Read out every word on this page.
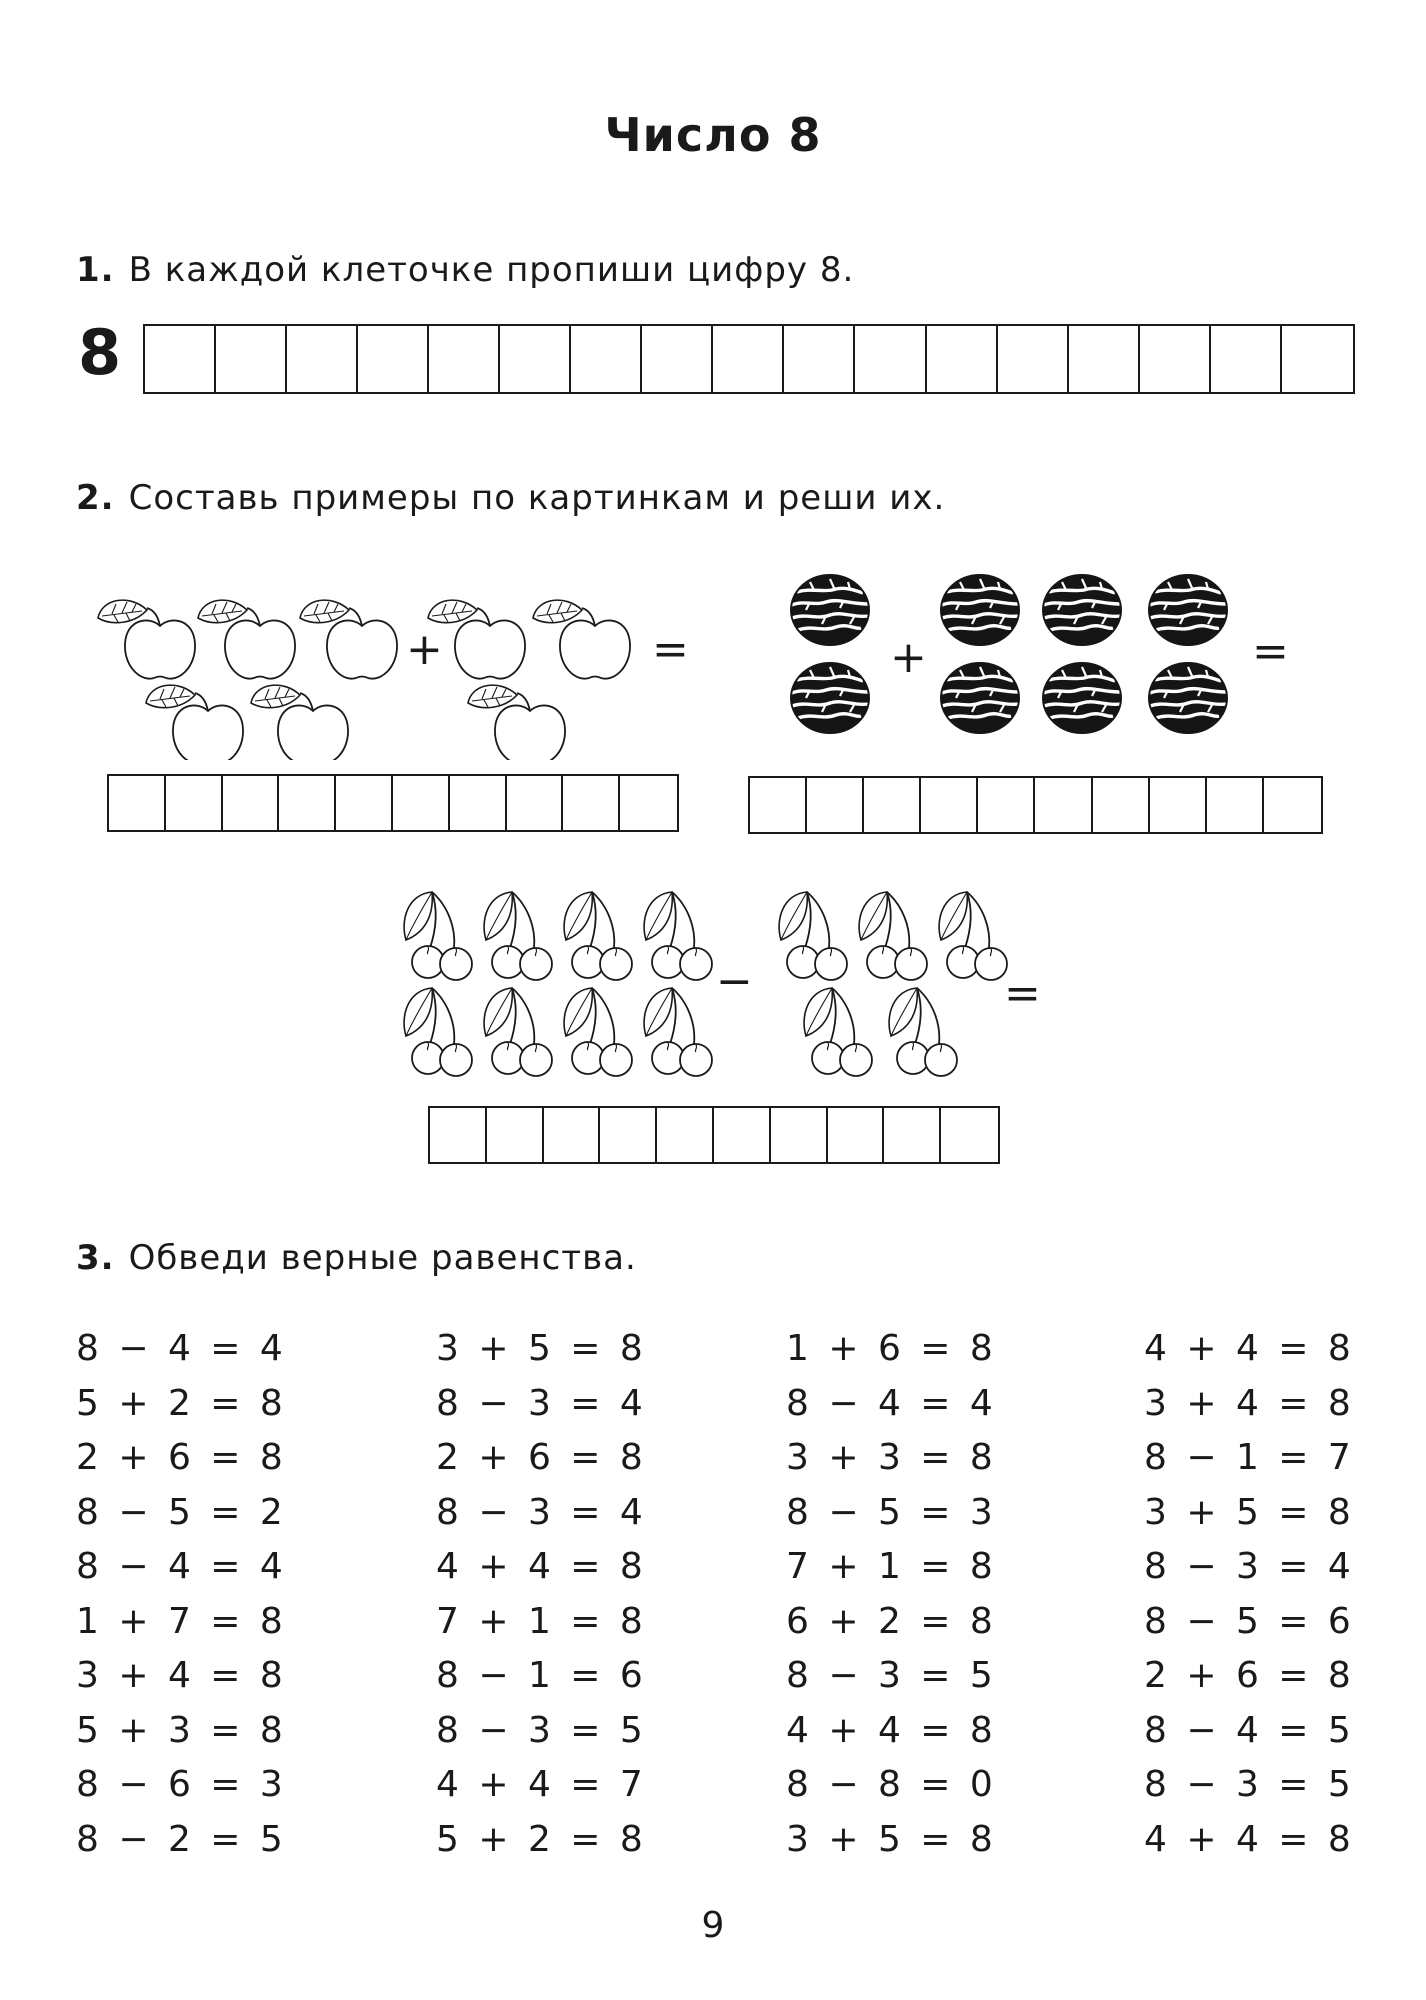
Число 8
1. В каждой клеточке пропиши цифру 8.
8
2. Составь примеры по картинкам и реши их.
+	=	+	=
−	=
3. Обведи верные равенства.
8 − 4 = 4
5 + 2 = 8
2 + 6 = 8
8 − 5 = 2
8 − 4 = 4
1 + 7 = 8
3 + 4 = 8
5 + 3 = 8
8 − 6 = 3
8 − 2 = 5
3 + 5 = 8
8 − 3 = 4
2 + 6 = 8
8 − 3 = 4
4 + 4 = 8
7 + 1 = 8
8 − 1 = 6
8 − 3 = 5
4 + 4 = 7
5 + 2 = 8
1 + 6 = 8
8 − 4 = 4
3 + 3 = 8
8 − 5 = 3
7 + 1 = 8
6 + 2 = 8
8 − 3 = 5
4 + 4 = 8
8 − 8 = 0
3 + 5 = 8
4 + 4 = 8
3 + 4 = 8
8 − 1 = 7
3 + 5 = 8
8 − 3 = 4
8 − 5 = 6
2 + 6 = 8
8 − 4 = 5
8 − 3 = 5
4 + 4 = 8
9
